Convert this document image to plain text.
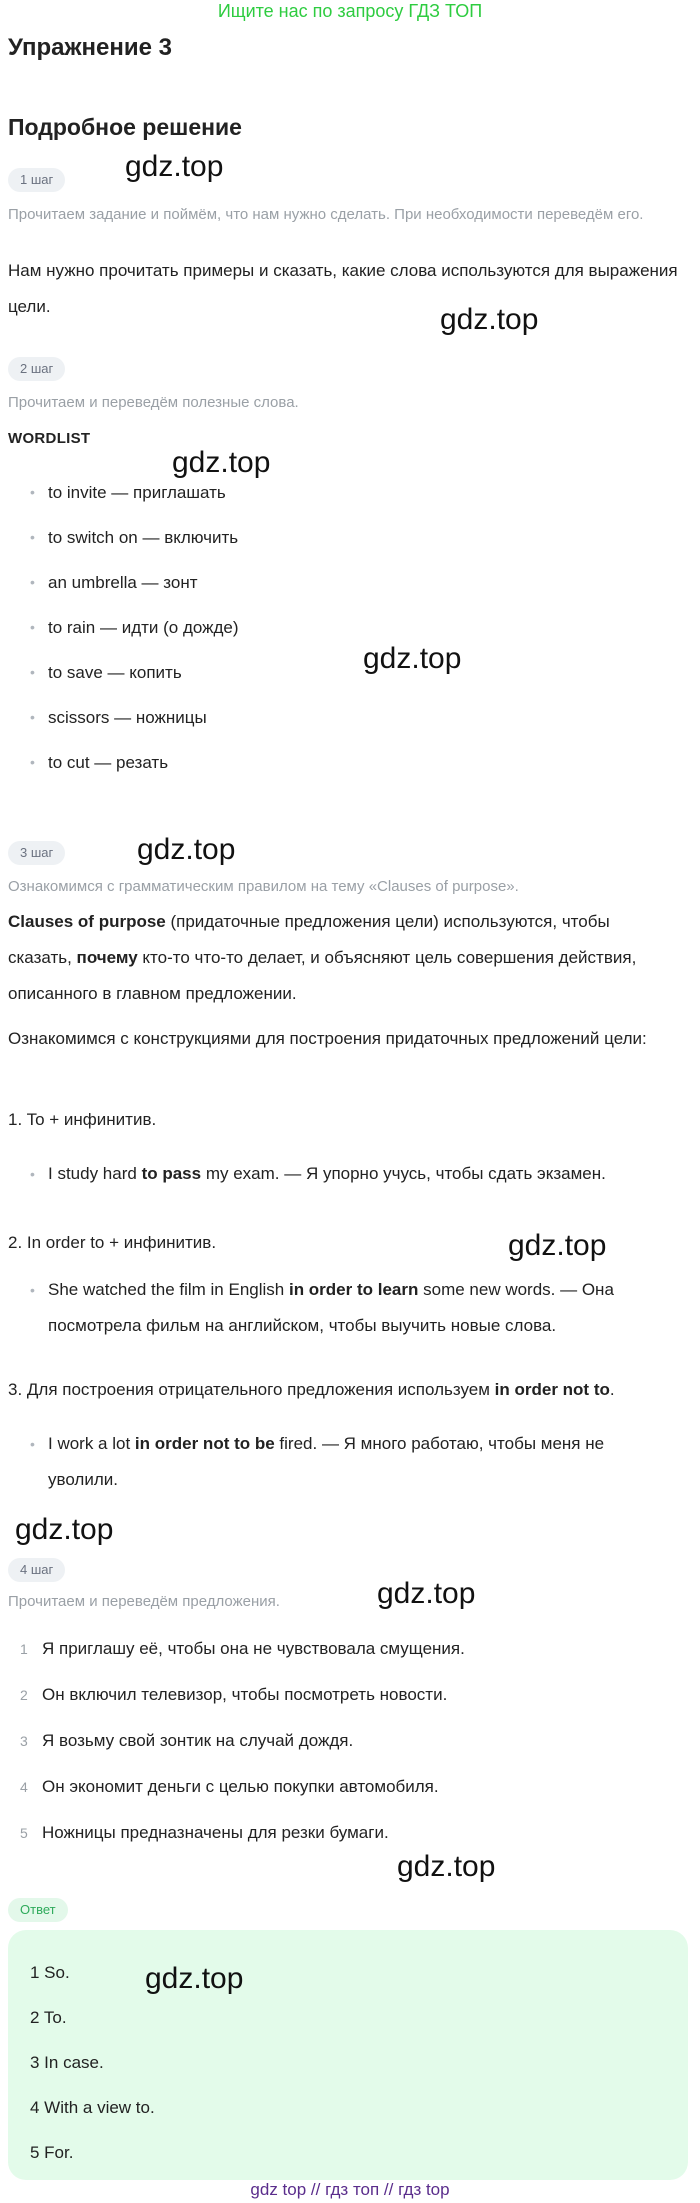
Ищите нас по запросу ГДЗ ТОП
Упражнение 3
Подробное решение
1 шаг	gdz.top
Прочитаем задание и поймём, что нам нужно сделать. При необходимости переведём его.
Нам нужно прочитать примеры и сказать, какие слова используются для выражения цели.	gdz.top
2 шаг
Прочитаем и переведём полезные слова.
WORDLIST
gdz.top
• to invite — приглашать
• to switch on — включить
• an umbrella — зонт
• to rain — идти (о дожде)
• to save — копить
• scissors — ножницы
• to cut — резать
gdz.top
3 шаг	gdz.top
Ознакомимся с грамматическим правилом на тему «Clauses of purpose».
Clauses of purpose (придаточные предложения цели) используются, чтобы сказать, почему кто-то что-то делает, и объясняют цель совершения действия, описанного в главном предложении.
Ознакомимся с конструкциями для построения придаточных предложений цели:
1. To + инфинитив.
• I study hard to pass my exam. — Я упорно учусь, чтобы сдать экзамен.
2. In order to + инфинитив.	gdz.top
• She watched the film in English in order to learn some new words. — Она посмотрела фильм на английском, чтобы выучить новые слова.
3. Для построения отрицательного предложения используем in order not to.
• I work a lot in order not to be fired. — Я много работаю, чтобы меня не уволили.
gdz.top
4 шаг
Прочитаем и переведём предложения.	gdz.top
1 Я приглашу её, чтобы она не чувствовала смущения.
2 Он включил телевизор, чтобы посмотреть новости.
3 Я возьму свой зонтик на случай дождя.
4 Он экономит деньги с целью покупки автомобиля.
5 Ножницы предназначены для резки бумаги.
gdz.top
Ответ
1 So.
2 To.
3 In case.
4 With a view to.
5 For.
gdz.top
gdz top // гдз топ // гдз top
